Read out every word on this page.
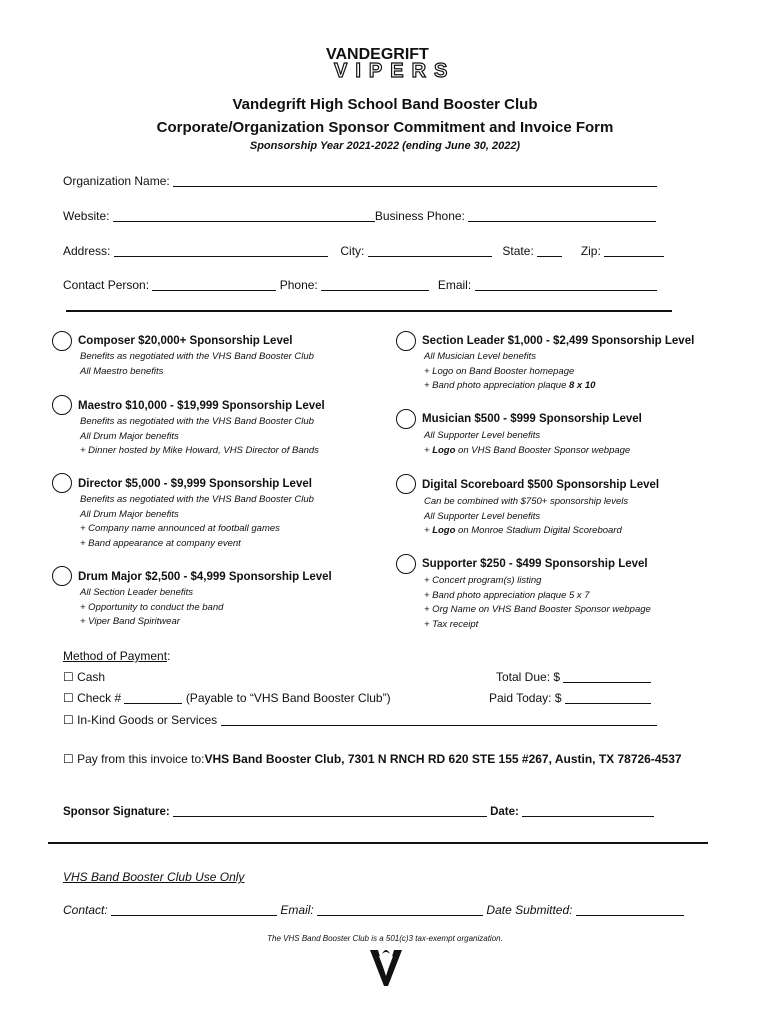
VANDEGRIFT
VIPERS
Vandegrift High School Band Booster Club
Corporate/Organization Sponsor Commitment and Invoice Form
Sponsorship Year 2021-2022 (ending June 30, 2022)
Organization Name:
Website:	Business Phone:
Address:	City:	State:	Zip:
Contact Person:	Phone:	Email:
Composer $20,000+ Sponsorship Level
Benefits as negotiated with the VHS Band Booster Club
All Maestro benefits
Maestro $10,000 - $19,999 Sponsorship Level
Benefits as negotiated with the VHS Band Booster Club
All Drum Major benefits
+ Dinner hosted by Mike Howard, VHS Director of Bands
Director $5,000 - $9,999 Sponsorship Level
Benefits as negotiated with the VHS Band Booster Club
All Drum Major benefits
+ Company name announced at football games
+ Band appearance at company event
Drum Major $2,500 - $4,999 Sponsorship Level
All Section Leader benefits
+ Opportunity to conduct the band
+ Viper Band Spiritwear
Section Leader $1,000 - $2,499 Sponsorship Level
All Musician Level benefits
+ Logo on Band Booster homepage
+ Band photo appreciation plaque 8 x 10
Musician $500 - $999 Sponsorship Level
All Supporter Level benefits
+ Logo on VHS Band Booster Sponsor webpage
Digital Scoreboard $500 Sponsorship Level
Can be combined with $750+ sponsorship levels
All Supporter Level benefits
+ Logo on Monroe Stadium Digital Scoreboard
Supporter $250 - $499 Sponsorship Level
+ Concert program(s) listing
+ Band photo appreciation plaque 5 x 7
+ Org Name on VHS Band Booster Sponsor webpage
+ Tax receipt
Method of Payment:
☐ Cash	Total Due: $
☐ Check #	(Payable to “VHS Band Booster Club”)	Paid Today: $
☐ In-Kind Goods or Services
☐ Pay from this invoice to:VHS Band Booster Club, 7301 N RNCH RD 620 STE 155 #267, Austin, TX 78726-4537
Sponsor Signature:	Date:
VHS Band Booster Club Use Only
Contact:	Email:	Date Submitted:
The VHS Band Booster Club is a 501(c)3 tax-exempt organization.
